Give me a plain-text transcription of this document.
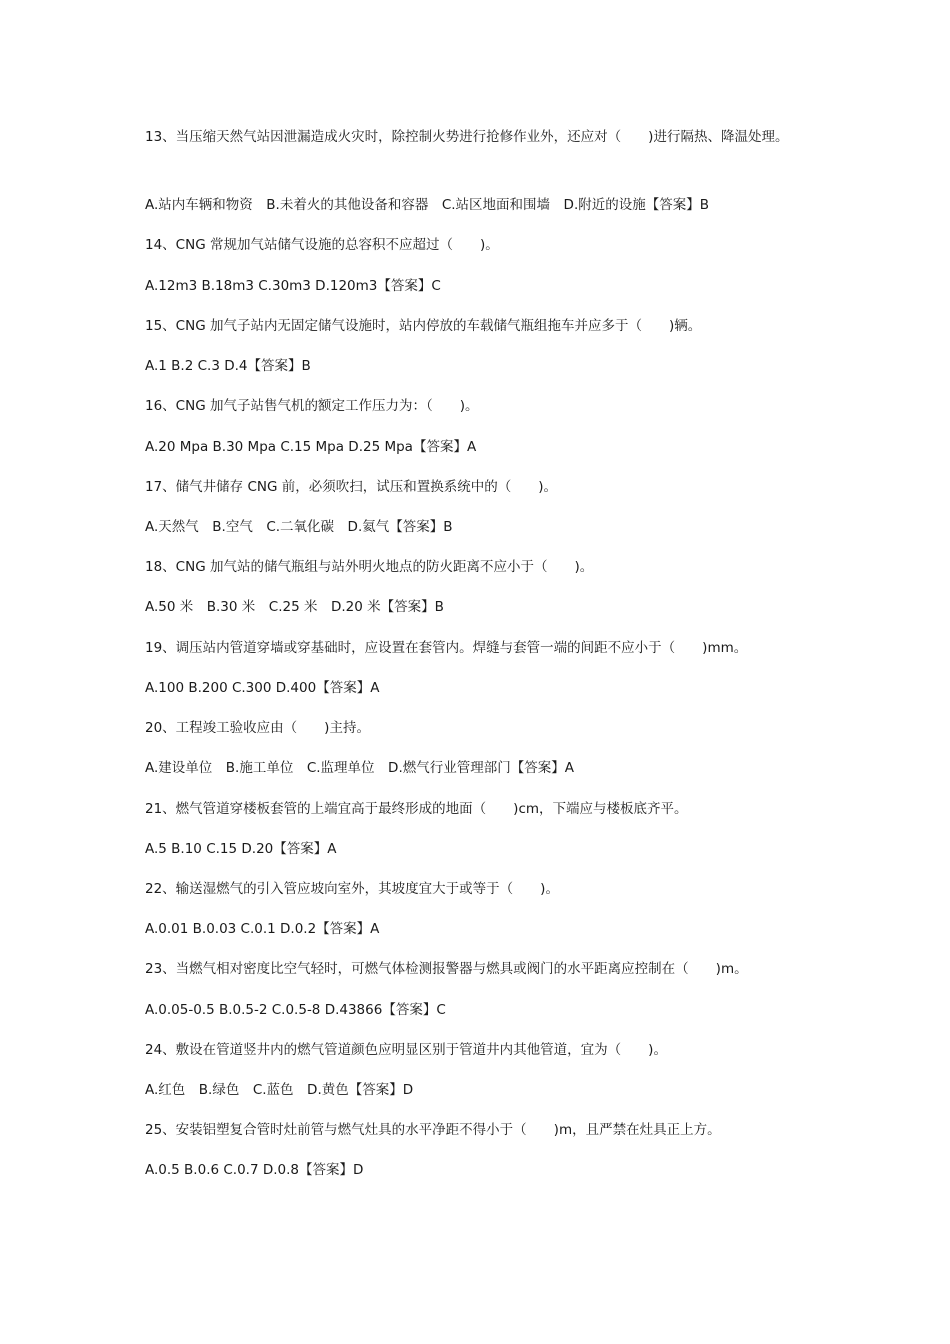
13、当压缩天然气站因泄漏造成火灾时，除控制火势进行抢修作业外，还应对（　　)进行隔热、降温处理。
A.站内车辆和物资　B.未着火的其他设备和容器　C.站区地面和围墙　D.附近的设施【答案】B
14、CNG 常规加气站储气设施的总容积不应超过（　　)。
A.12m3 B.18m3 C.30m3 D.120m3【答案】C
15、CNG 加气子站内无固定储气设施时，站内停放的车载储气瓶组拖车并应多于（　　)辆。
A.1 B.2 C.3 D.4【答案】B
16、CNG 加气子站售气机的额定工作压力为：（　　)。
A.20 Mpa B.30 Mpa C.15 Mpa D.25 Mpa【答案】A
17、储气井储存 CNG 前，必须吹扫，试压和置换系统中的（　　)。
A.天然气　B.空气　C.二氧化碳　D.氦气【答案】B
18、CNG 加气站的储气瓶组与站外明火地点的防火距离不应小于（　　)。
A.50 米　B.30 米　C.25 米　D.20 米【答案】B
19、调压站内管道穿墙或穿基础时，应设置在套管内。焊缝与套管一端的间距不应小于（　　)mm。
A.100 B.200 C.300 D.400【答案】A
20、工程竣工验收应由（　　)主持。
A.建设单位　B.施工单位　C.监理单位　D.燃气行业管理部门【答案】A
21、燃气管道穿楼板套管的上端宜高于最终形成的地面（　　)cm，下端应与楼板底齐平。
A.5 B.10 C.15 D.20【答案】A
22、输送湿燃气的引入管应坡向室外，其坡度宜大于或等于（　　)。
A.0.01 B.0.03 C.0.1 D.0.2【答案】A
23、当燃气相对密度比空气轻时，可燃气体检测报警器与燃具或阀门的水平距离应控制在（　　)m。
A.0.05-0.5 B.0.5-2 C.0.5-8 D.43866【答案】C
24、敷设在管道竖井内的燃气管道颜色应明显区别于管道井内其他管道，宜为（　　)。
A.红色　B.绿色　C.蓝色　D.黄色【答案】D
25、安装铝塑复合管时灶前管与燃气灶具的水平净距不得小于（　　)m，且严禁在灶具正上方。
A.0.5 B.0.6 C.0.7 D.0.8【答案】D
